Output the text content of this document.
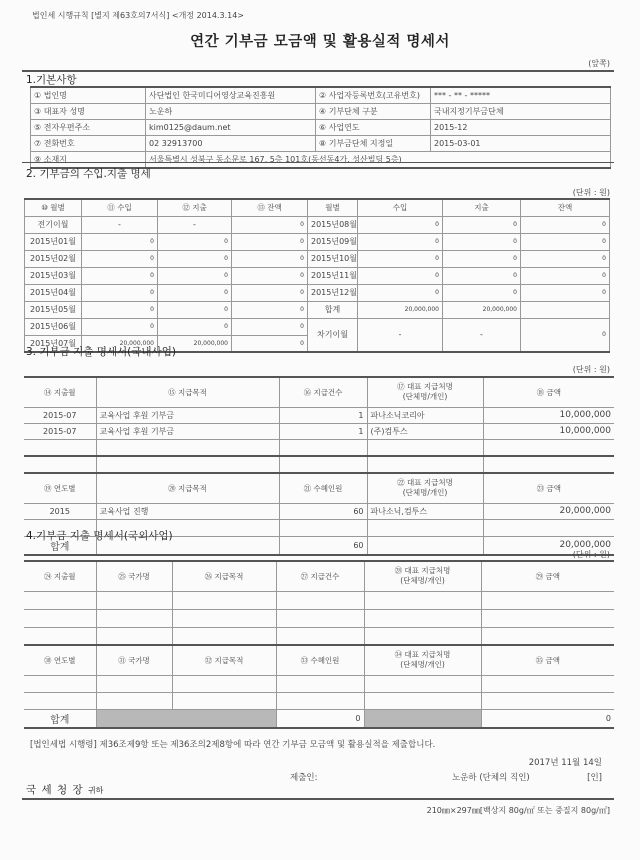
법인세 시행규칙 [별지 제63호의7서식] <개정 2014.3.14>
연간 기부금 모금액 및 활용실적 명세서
(앞쪽)
1.기본사항
① 법인명	사단법인 한국미디어영상교육진흥원	② 사업자등록번호(고유번호)	*** - ** - *****
③ 대표자 성명	노운하	④ 기부단체 구분	국내지정기부금단체
⑤ 전자우편주소	kim0125@daum.net	⑥ 사업연도	2015-12
⑦ 전화번호	02 32913700	⑧ 기부금단체 지정일	2015-03-01
⑨ 소재지	서울특별시 성북구 동소문로 167, 5층 101호(동선동4가, 성산빌딩 5층)		
2. 기부금의 수입.지출 명세
(단위 : 원)
⑩ 월별	⑪ 수입	⑫ 지출	⑬ 잔액	월별	수입	지출	잔액
전기이월	-	-	0	2015년08월	0	0	0
2015년01월	0	0	0	2015년09월	0	0	0
2015년02월	0	0	0	2015년10월	0	0	0
2015년03월	0	0	0	2015년11월	0	0	0
2015년04월	0	0	0	2015년12월	0	0	0
2015년05월	0	0	0	합계	20,000,000	20,000,000	
2015년06월	0	0	0	차기이월	-	-	0
2015년07월	20,000,000	20,000,000	0				
3. 기부금 지출 명세서(국내사업)
(단위 : 원)
⑭ 지출월	⑮ 지급목적	⑯ 지급건수	⑰ 대표 지급처명
(단체명/개인)	⑱ 금액
2015-07	교육사업 후원 기부금	1	파나소닉코리아	10,000,000
2015-07	교육사업 후원 기부금	1	(주)컴투스	10,000,000

⑲ 연도별	⑳ 지급목적	㉑ 수혜인원	㉒ 대표 지급처명
(단체명/개인)	㉓ 금액
2015	교육사업 진행	60	파나소닉,컴투스	20,000,000

합계		60		20,000,000
4.기부금 지출 명세서(국외사업)
(단위 : 원)
㉔ 지출월	㉕ 국가명	㉖ 지급목적	㉗ 지급건수	㉘ 대표 지급처명
(단체명/개인)	㉙ 금액

㉚ 연도별	㉛ 국가명	㉜ 지급목적	㉝ 수혜인원	㉞ 대표 지급처명
(단체명/개인)	㉟ 금액

합계			0		0
[법인세법 시행령] 제36조제9항 또는 제36조의2제8항에 따라 연간 기부금 모금액 및 활용실적을 제출합니다.
2017년 11월 14일
제출인:	노운하 (단체의 직인)	[인]
국 세 청 장 귀하
210㎜×297㎜[백상지 80g/㎡ 또는 중질지 80g/㎡]
